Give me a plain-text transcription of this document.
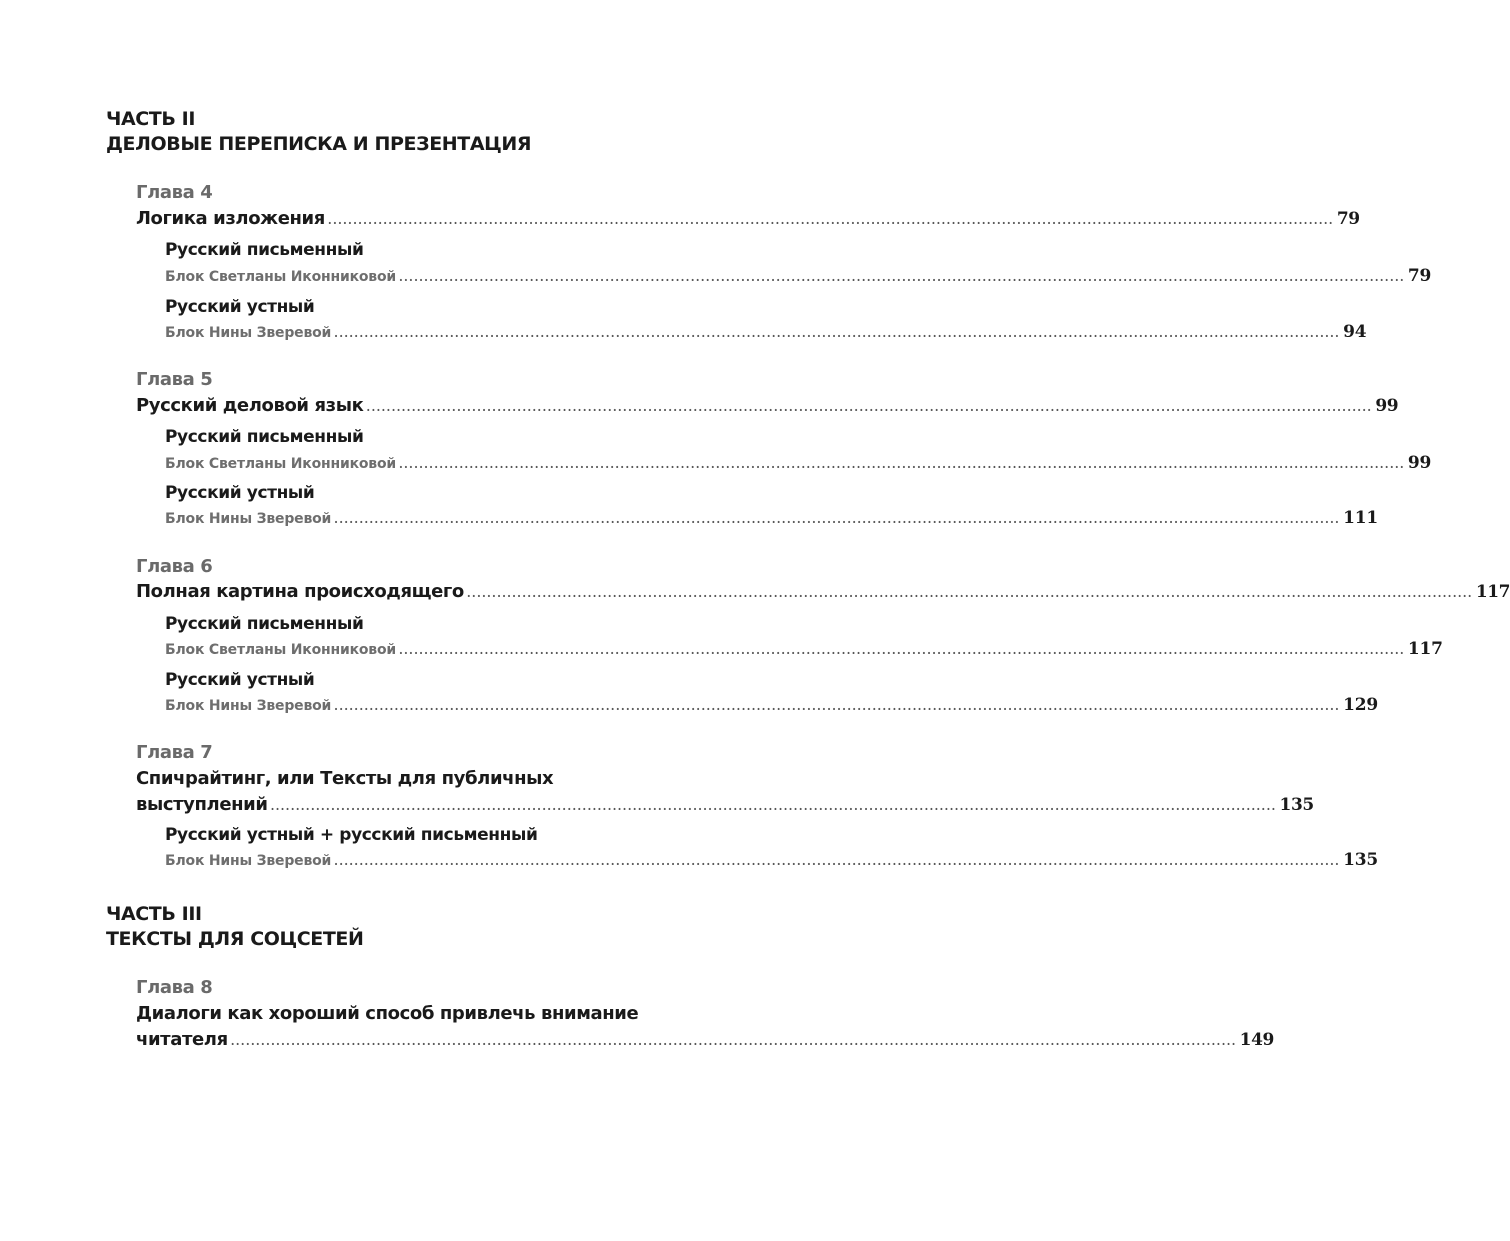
ЧАСТЬ II
ДЕЛОВЫЕ ПЕРЕПИСКА И ПРЕЗЕНТАЦИЯ
Глава 4
Логика изложения ........................................................................................................................................................................................................ 79
Русский письменный
Блок Светланы Иконниковой ........................................................................................................................................................................................................ 79
Русский устный
Блок Нины Зверевой ........................................................................................................................................................................................................ 94
Глава 5
Русский деловой язык ........................................................................................................................................................................................................ 99
Русский письменный
Блок Светланы Иконниковой ........................................................................................................................................................................................................ 99
Русский устный
Блок Нины Зверевой ........................................................................................................................................................................................................ 111
Глава 6
Полная картина происходящего ........................................................................................................................................................................................................ 117
Русский письменный
Блок Светланы Иконниковой ........................................................................................................................................................................................................ 117
Русский устный
Блок Нины Зверевой ........................................................................................................................................................................................................ 129
Глава 7
Спичрайтинг, или Тексты для публичных
выступлений ........................................................................................................................................................................................................ 135
Русский устный + русский письменный
Блок Нины Зверевой ........................................................................................................................................................................................................ 135
ЧАСТЬ III
ТЕКСТЫ ДЛЯ СОЦСЕТЕЙ
Глава 8
Диалоги как хороший способ привлечь внимание
читателя ........................................................................................................................................................................................................ 149
